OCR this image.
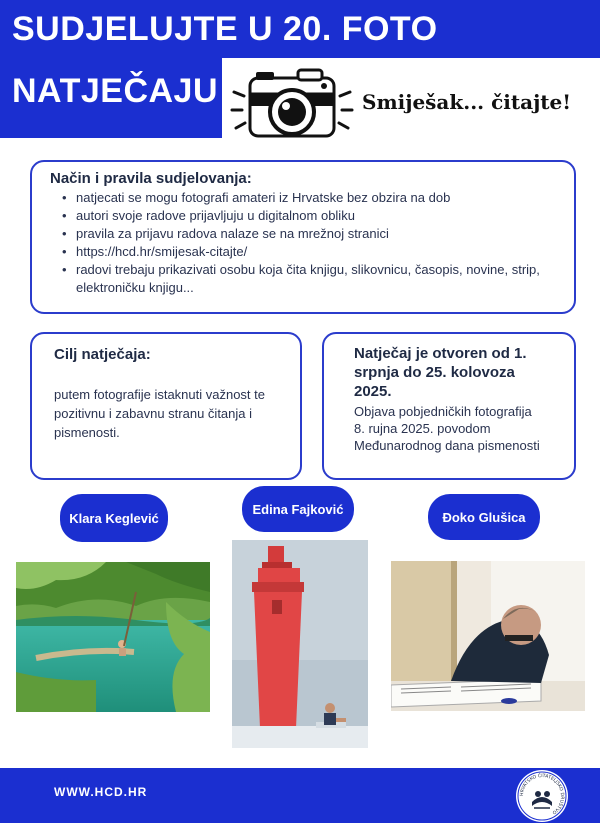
SUDJELUJTE U 20. FOTO
NATJEČAJU	Smiješak... čitajte!
Način i pravila sudjelovanja:
• natjecati se mogu fotografi amateri iz Hrvatske bez obzira na dob
• autori svoje radove prijavljuju u digitalnom obliku
• pravila za prijavu radova nalaze se na mrežnoj stranici
• https://hcd.hr/smijesak-citajte/
• radovi trebaju prikazivati osobu koja čita knjigu, slikovnicu, časopis, novine, strip, elektroničku knjigu...
Cilj natječaja:
putem fotografije istaknuti važnost te pozitivnu i zabavnu stranu čitanja i pismenosti.
Natječaj je otvoren od 1. srpnja do 25. kolovoza 2025.
Objava pobjedničkih fotografija 8. rujna 2025. povodom Međunarodnog dana pismenosti
Klara Keglević
Edina Fajković
Đoko Glušica
WWW.HCD.HR	HRVATSKO ČITATELJSKO DRUŠTVO
